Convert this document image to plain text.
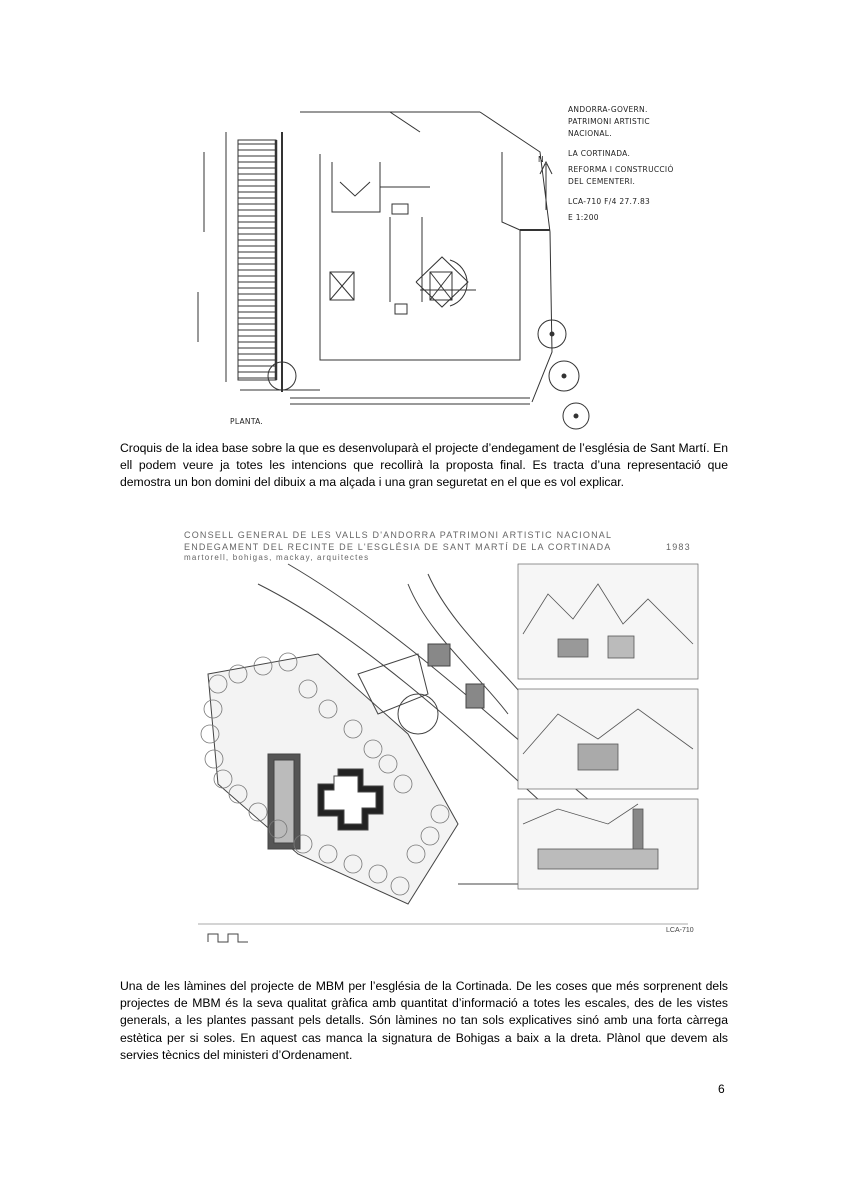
N
ANDORRA-GOVERN.
PATRIMONI ARTISTIC
NACIONAL.
LA CORTINADA.
REFORMA I CONSTRUCCIÓ
DEL CEMENTERI.
LCA-710 F/4 27.7.83
E 1:200
PLANTA.
Croquis de la idea base sobre la que es desenvoluparà el projecte d’endegament de l’església de Sant Martí. En ell podem veure ja totes les intencions que recollirà la proposta final. Es tracta d’una representació que demostra un bon domini del dibuix a ma alçada i una gran seguretat en el que es vol explicar.
CONSELL GENERAL DE LES VALLS D'ANDORRA PATRIMONI ARTISTIC NACIONAL
ENDEGAMENT DEL RECINTE DE L'ESGLÉSIA DE SANT MARTÍ DE LA CORTINADA
martorell, bohigas, mackay, arquitectes
1983
LCA-710
Una de les làmines del projecte de MBM per l’església de la Cortinada. De les coses que més sorprenent dels projectes de MBM és la seva qualitat gràfica amb quantitat d’informació a totes les escales, des de les vistes generals, a les plantes passant pels detalls. Són làmines no tan sols explicatives sinó amb una forta càrrega estètica per si soles. En aquest cas manca la signatura de Bohigas a baix a la dreta. Plànol que devem als servies tècnics del ministeri d’Ordenament.
6
